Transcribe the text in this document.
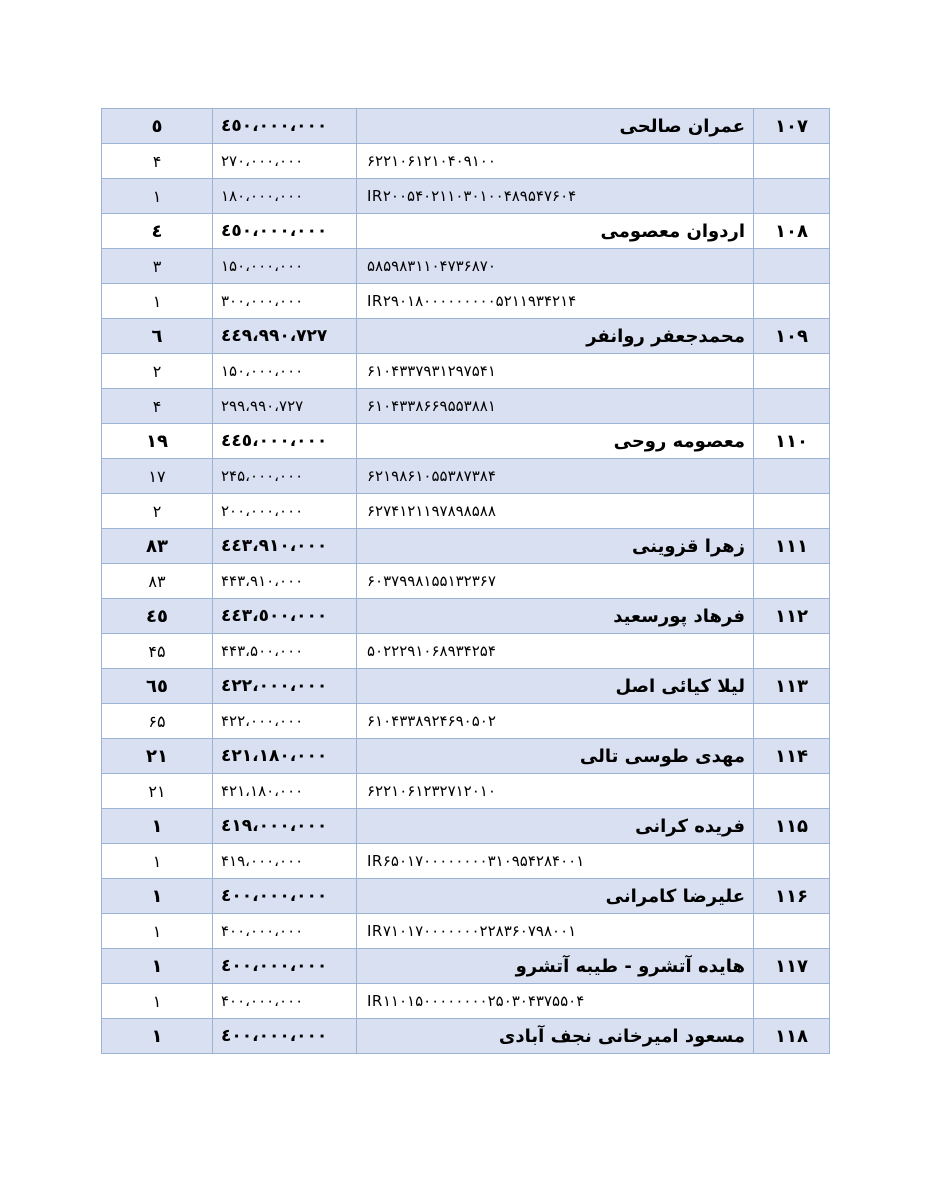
٥	٤٥٠،٠٠٠،٠٠٠	عمران صالحی	۱۰۷
۴	۲۷۰،۰۰۰،۰۰۰	۶۲۲۱۰۶۱۲۱۰۴۰۹۱۰۰	
۱	۱۸۰،۰۰۰،۰۰۰	IR۲۰۰۵۴۰۲۱۱۰۳۰۱۰۰۴۸۹۵۴۷۶۰۴	
٤	٤٥٠،٠٠٠،٠٠٠	اردوان معصومی	۱۰۸
۳	۱۵۰،۰۰۰،۰۰۰	۵۸۵۹۸۳۱۱۰۴۷۳۶۸۷۰	
۱	۳۰۰،۰۰۰،۰۰۰	IR۲۹۰۱۸۰۰۰۰۰۰۰۰۰۵۲۱۱۹۳۴۲۱۴	
٦	٤٤٩،٩٩٠،٧٢٧	محمدجعفر روانفر	۱۰۹
۲	۱۵۰،۰۰۰،۰۰۰	۶۱۰۴۳۳۷۹۳۱۲۹۷۵۴۱	
۴	۲۹۹،۹۹۰،۷۲۷	۶۱۰۴۳۳۸۶۶۹۵۵۳۸۸۱	
١٩	٤٤٥،٠٠٠،٠٠٠	معصومه روحی	۱۱۰
۱۷	۲۴۵،۰۰۰،۰۰۰	۶۲۱۹۸۶۱۰۵۵۳۸۷۳۸۴	
۲	۲۰۰،۰۰۰،۰۰۰	۶۲۷۴۱۲۱۱۹۷۸۹۸۵۸۸	
٨٣	٤٤٣،٩١٠،٠٠٠	زهرا قزوینی	۱۱۱
۸۳	۴۴۳،۹۱۰،۰۰۰	۶۰۳۷۹۹۸۱۵۵۱۳۲۳۶۷	
٤٥	٤٤٣،٥٠٠،٠٠٠	فرهاد پورسعید	۱۱۲
۴۵	۴۴۳،۵۰۰،۰۰۰	۵۰۲۲۲۹۱۰۶۸۹۳۴۲۵۴	
٦٥	٤٢٢،٠٠٠،٠٠٠	لیلا کیائی اصل	۱۱۳
۶۵	۴۲۲،۰۰۰،۰۰۰	۶۱۰۴۳۳۸۹۲۴۶۹۰۵۰۲	
٢١	٤٢١،١٨٠،٠٠٠	مهدی طوسی تالی	۱۱۴
۲۱	۴۲۱،۱۸۰،۰۰۰	۶۲۲۱۰۶۱۲۳۲۷۱۲۰۱۰	
١	٤١٩،٠٠٠،٠٠٠	فریده کرانی	۱۱۵
۱	۴۱۹،۰۰۰،۰۰۰	IR۶۵۰۱۷۰۰۰۰۰۰۰۰۳۱۰۹۵۴۲۸۴۰۰۱	
١	٤٠٠،٠٠٠،٠٠٠	علیرضا کامرانی	۱۱۶
۱	۴۰۰،۰۰۰،۰۰۰	IR۷۱۰۱۷۰۰۰۰۰۰۰۲۲۸۳۶۰۷۹۸۰۰۱	
١	٤٠٠،٠٠٠،٠٠٠	هایده آتشرو - طیبه آتشرو	۱۱۷
۱	۴۰۰،۰۰۰،۰۰۰	IR۱۱۰۱۵۰۰۰۰۰۰۰۰۲۵۰۳۰۴۳۷۵۵۰۴	
١	٤٠٠،٠٠٠،٠٠٠	مسعود امیرخانی نجف آبادی	۱۱۸
